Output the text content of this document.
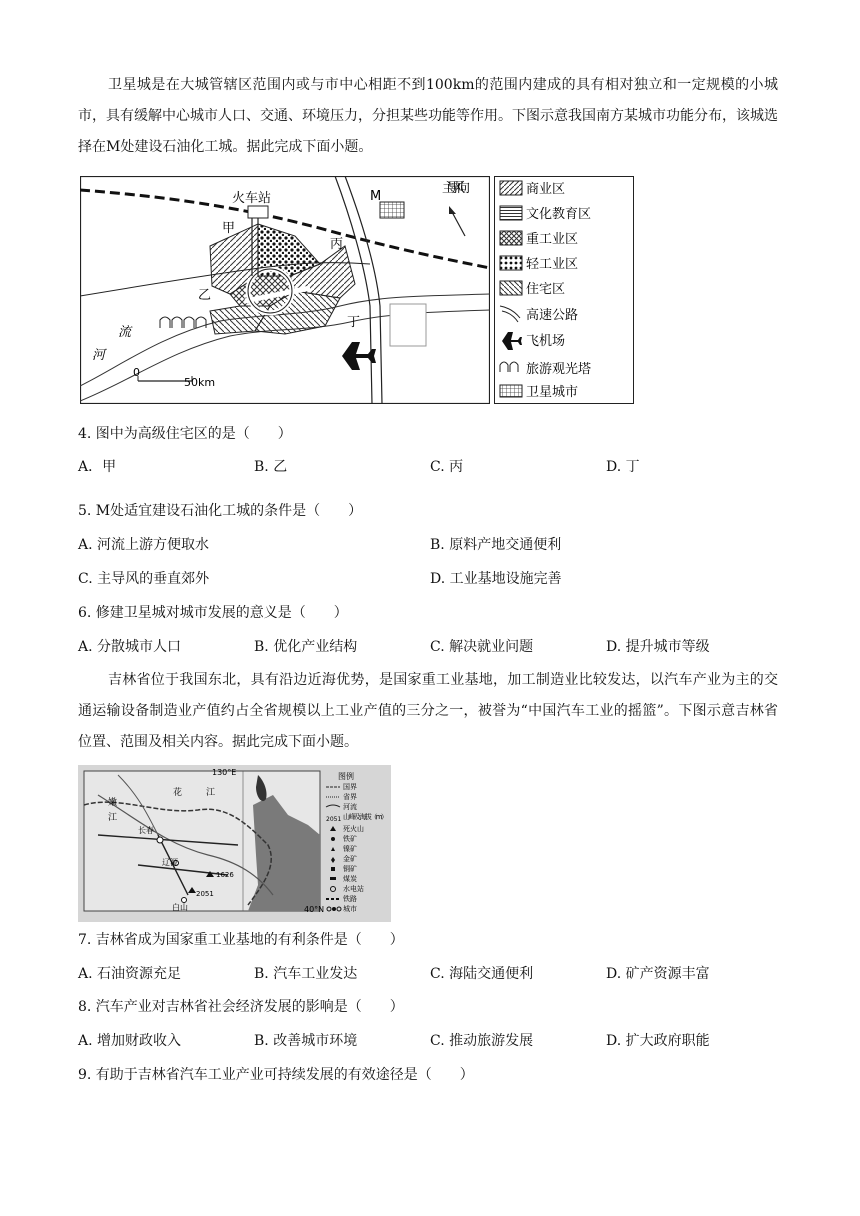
卫星城是在大城管辖区范围内或与市中心相距不到100km的范围内建成的具有相对独立和一定规模的小城市，具有缓解中心城市人口、交通、环境压力，分担某些功能等作用。下图示意我国南方某城市功能分布，该城选择在M处建设石油化工城。据此完成下面小题。
火车站
甲
乙
丙
丁
M
主导风向
流
河
0
50km
商业区
文化教育区
重工业区
轻工业区
住宅区
高速公路
飞机场
旅游观光塔
卫星城市
4. 图中为高级住宅区的是（　　）
A．甲	B. 乙	C. 丙	D. 丁
5. M处适宜建设石油化工城的条件是（　　）
A. 河流上游方便取水	B. 原料产地交通便利
C. 主导风的垂直郊外	D. 工业基地设施完善
6. 修建卫星城对城市发展的意义是（　　）
A. 分散城市人口	B. 优化产业结构	C. 解决就业问题	D. 提升城市等级
吉林省位于我国东北，具有沿边近海优势，是国家重工业基地，加工制造业比较发达，以汽车产业为主的交通运输设备制造业产值约占全省规模以上工业产值的三分之一，被誉为“中国汽车工业的摇篮”。下图示意吉林省位置、范围及相关内容。据此完成下面小题。
130°E
40°N
长春
辽源
白山
花	江
嫩
江
1626
2051
图例
国界
省界
河流
2051 山峰及海拔（m）
死火山
铁矿
镍矿
金矿
铜矿
煤炭
水电站
铁路
城市
7. 吉林省成为国家重工业基地的有利条件是（　　）
A. 石油资源充足	B. 汽车工业发达	C. 海陆交通便利	D. 矿产资源丰富
8. 汽车产业对吉林省社会经济发展的影响是（　　）
A. 增加财政收入	B. 改善城市环境	C. 推动旅游发展	D. 扩大政府职能
9. 有助于吉林省汽车工业产业可持续发展的有效途径是（　　）
